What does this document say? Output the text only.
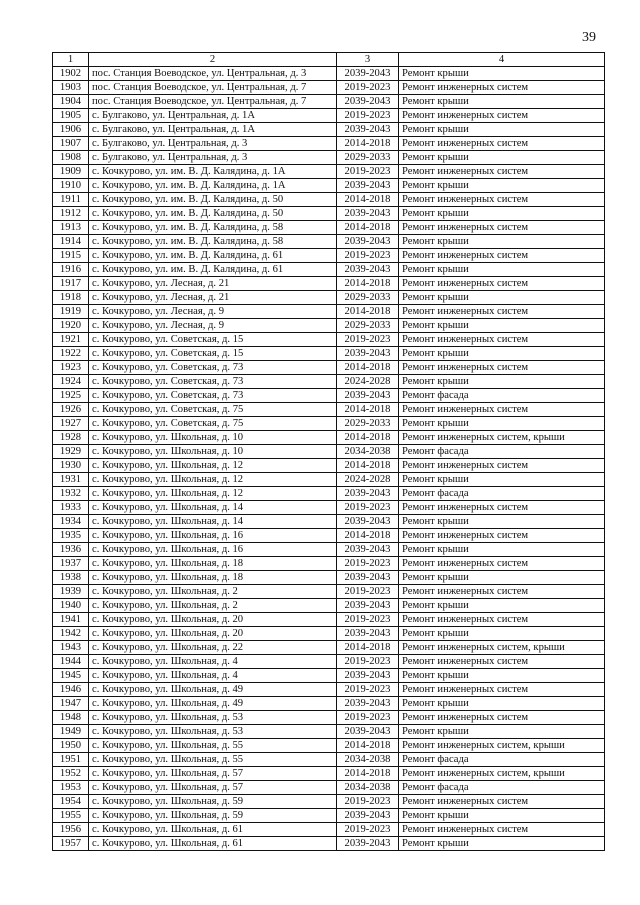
39
1	2	3	4
1902	пос. Станция Воеводское, ул. Центральная, д. 3	2039-2043	Ремонт крыши
1903	пос. Станция Воеводское, ул. Центральная, д. 7	2019-2023	Ремонт инженерных систем
1904	пос. Станция Воеводское, ул. Центральная, д. 7	2039-2043	Ремонт крыши
1905	с. Булгаково, ул. Центральная, д. 1А	2019-2023	Ремонт инженерных систем
1906	с. Булгаково, ул. Центральная, д. 1А	2039-2043	Ремонт крыши
1907	с. Булгаково, ул. Центральная, д. 3	2014-2018	Ремонт инженерных систем
1908	с. Булгаково, ул. Центральная, д. 3	2029-2033	Ремонт крыши
1909	с. Кочкурово, ул. им. В. Д. Калядина, д. 1А	2019-2023	Ремонт инженерных систем
1910	с. Кочкурово, ул. им. В. Д. Калядина, д. 1А	2039-2043	Ремонт крыши
1911	с. Кочкурово, ул. им. В. Д. Калядина, д. 50	2014-2018	Ремонт инженерных систем
1912	с. Кочкурово, ул. им. В. Д. Калядина, д. 50	2039-2043	Ремонт крыши
1913	с. Кочкурово, ул. им. В. Д. Калядина, д. 58	2014-2018	Ремонт инженерных систем
1914	с. Кочкурово, ул. им. В. Д. Калядина, д. 58	2039-2043	Ремонт крыши
1915	с. Кочкурово, ул. им. В. Д. Калядина, д. 61	2019-2023	Ремонт инженерных систем
1916	с. Кочкурово, ул. им. В. Д. Калядина, д. 61	2039-2043	Ремонт крыши
1917	с. Кочкурово, ул. Лесная, д. 21	2014-2018	Ремонт инженерных систем
1918	с. Кочкурово, ул. Лесная, д. 21	2029-2033	Ремонт крыши
1919	с. Кочкурово, ул. Лесная, д. 9	2014-2018	Ремонт инженерных систем
1920	с. Кочкурово, ул. Лесная, д. 9	2029-2033	Ремонт крыши
1921	с. Кочкурово, ул. Советская, д. 15	2019-2023	Ремонт инженерных систем
1922	с. Кочкурово, ул. Советская, д. 15	2039-2043	Ремонт крыши
1923	с. Кочкурово, ул. Советская, д. 73	2014-2018	Ремонт инженерных систем
1924	с. Кочкурово, ул. Советская, д. 73	2024-2028	Ремонт крыши
1925	с. Кочкурово, ул. Советская, д. 73	2039-2043	Ремонт фасада
1926	с. Кочкурово, ул. Советская, д. 75	2014-2018	Ремонт инженерных систем
1927	с. Кочкурово, ул. Советская, д. 75	2029-2033	Ремонт крыши
1928	с. Кочкурово, ул. Школьная, д. 10	2014-2018	Ремонт инженерных систем, крыши
1929	с. Кочкурово, ул. Школьная, д. 10	2034-2038	Ремонт фасада
1930	с. Кочкурово, ул. Школьная, д. 12	2014-2018	Ремонт инженерных систем
1931	с. Кочкурово, ул. Школьная, д. 12	2024-2028	Ремонт крыши
1932	с. Кочкурово, ул. Школьная, д. 12	2039-2043	Ремонт фасада
1933	с. Кочкурово, ул. Школьная, д. 14	2019-2023	Ремонт инженерных систем
1934	с. Кочкурово, ул. Школьная, д. 14	2039-2043	Ремонт крыши
1935	с. Кочкурово, ул. Школьная, д. 16	2014-2018	Ремонт инженерных систем
1936	с. Кочкурово, ул. Школьная, д. 16	2039-2043	Ремонт крыши
1937	с. Кочкурово, ул. Школьная, д. 18	2019-2023	Ремонт инженерных систем
1938	с. Кочкурово, ул. Школьная, д. 18	2039-2043	Ремонт крыши
1939	с. Кочкурово, ул. Школьная, д. 2	2019-2023	Ремонт инженерных систем
1940	с. Кочкурово, ул. Школьная, д. 2	2039-2043	Ремонт крыши
1941	с. Кочкурово, ул. Школьная, д. 20	2019-2023	Ремонт инженерных систем
1942	с. Кочкурово, ул. Школьная, д. 20	2039-2043	Ремонт крыши
1943	с. Кочкурово, ул. Школьная, д. 22	2014-2018	Ремонт инженерных систем, крыши
1944	с. Кочкурово, ул. Школьная, д. 4	2019-2023	Ремонт инженерных систем
1945	с. Кочкурово, ул. Школьная, д. 4	2039-2043	Ремонт крыши
1946	с. Кочкурово, ул. Школьная, д. 49	2019-2023	Ремонт инженерных систем
1947	с. Кочкурово, ул. Школьная, д. 49	2039-2043	Ремонт крыши
1948	с. Кочкурово, ул. Школьная, д. 53	2019-2023	Ремонт инженерных систем
1949	с. Кочкурово, ул. Школьная, д. 53	2039-2043	Ремонт крыши
1950	с. Кочкурово, ул. Школьная, д. 55	2014-2018	Ремонт инженерных систем, крыши
1951	с. Кочкурово, ул. Школьная, д. 55	2034-2038	Ремонт фасада
1952	с. Кочкурово, ул. Школьная, д. 57	2014-2018	Ремонт инженерных систем, крыши
1953	с. Кочкурово, ул. Школьная, д. 57	2034-2038	Ремонт фасада
1954	с. Кочкурово, ул. Школьная, д. 59	2019-2023	Ремонт инженерных систем
1955	с. Кочкурово, ул. Школьная, д. 59	2039-2043	Ремонт крыши
1956	с. Кочкурово, ул. Школьная, д. 61	2019-2023	Ремонт инженерных систем
1957	с. Кочкурово, ул. Школьная, д. 61	2039-2043	Ремонт крыши
